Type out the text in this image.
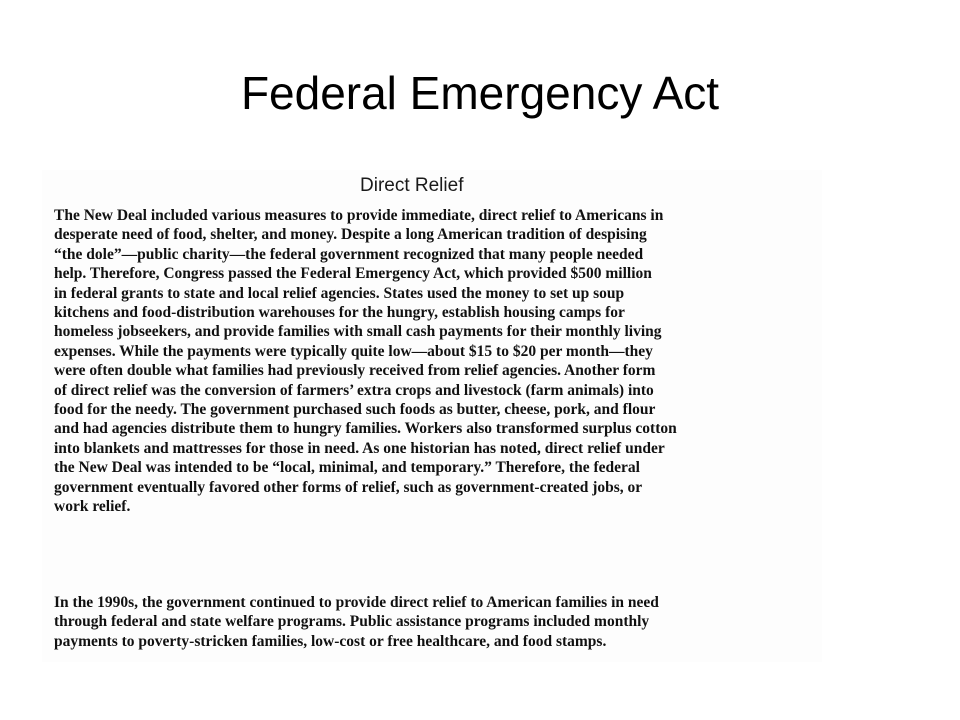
Federal Emergency Act
Direct Relief
The New Deal included various measures to provide immediate, direct relief to Americans in
desperate need of food, shelter, and money. Despite a long American tradition of despising
“the dole”—public charity—the federal government recognized that many people needed
help. Therefore, Congress passed the Federal Emergency Act, which provided $500 million
in federal grants to state and local relief agencies. States used the money to set up soup
kitchens and food-distribution warehouses for the hungry, establish housing camps for
homeless jobseekers, and provide families with small cash payments for their monthly living
expenses. While the payments were typically quite low—about $15 to $20 per month—they
were often double what families had previously received from relief agencies. Another form
of direct relief was the conversion of farmers’ extra crops and livestock (farm animals) into
food for the needy. The government purchased such foods as butter, cheese, pork, and flour
and had agencies distribute them to hungry families. Workers also transformed surplus cotton
into blankets and mattresses for those in need. As one historian has noted, direct relief under
the New Deal was intended to be “local, minimal, and temporary.” Therefore, the federal
government eventually favored other forms of relief, such as government-created jobs, or
work relief.
In the 1990s, the government continued to provide direct relief to American families in need
through federal and state welfare programs. Public assistance programs included monthly
payments to poverty-stricken families, low-cost or free healthcare, and food stamps.
